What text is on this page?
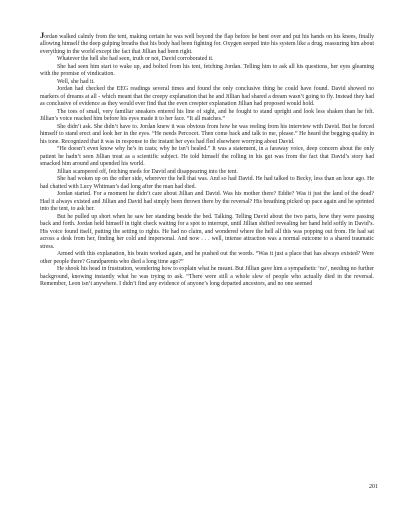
Jordan walked calmly from the tent, making certain he was well beyond the flap before he bent over and put his hands on his knees, finally allowing himself the deep gulping breaths that his body had been fighting for. Oxygen seeped into his system like a drug, reassuring him about everything in the world except the fact that Jillian had been right.

Whatever the hell she had seen, truth or not, David corroborated it.

She had seen him start to wake up, and bolted from his tent, fetching Jordan. Telling him to ask all his questions, her eyes gleaming with the promise of vindication.

Well, she had it.

Jordan had checked the EEG readings several times and found the only conclusive thing he could have found. David showed no markers of dreams at all - which meant that the creepy explanation that he and Jillian had shared a dream wasn’t going to fly. Instead they had as conclusive of evidence as they would ever find that the even creepier explanation Jillian had proposed would hold.

The toes of small, very familiar sneakers entered his line of sight, and he fought to stand upright and look less shaken than he felt. Jillian’s voice reached him before his eyes made it to her face. “It all matches.”

She didn’t ask. She didn’t have to. Jordan knew it was obvious from how he was reeling from his interview with David. But he forced himself to stand erect and look her in the eyes. “He needs Percocet. Then come back and talk to me, please.” He heard the begging quality in his tone. Recognized that it was in response to the instant her eyes had fled elsewhere worrying about David.

“He doesn’t even know why he’s in casts; why he isn’t healed.” It was a statement, in a faraway voice, deep concern about the only patient he hadn’t seen Jillian treat as a scientific subject. He told himself the rolling in his gut was from the fact that David’s story had smacked him around and upended his world.

Jillian scampered off, fetching meds for David and disappearing into the tent.

She had woken up on the other side, wherever the hell that was. And so had David. He had talked to Becky, less than an hour ago. He had chatted with Lucy Whitman’s dad long after the man had died.

Jordan started. For a moment he didn’t care about Jillian and David. Was his mother there? Eddie? Was it just the land of the dead? Had it always existed and Jillian and David had simply been thrown there by the reversal? His breathing picked up pace again and he sprinted into the tent, to ask her.

But he pulled up short when he saw her standing beside the bed. Talking. Telling David about the two parts, how they were passing back and forth. Jordan held himself in tight check waiting for a spot to interrupt, until Jillian shifted revealing her hand held softly in David’s. His voice found itself, putting the setting to rights. He had no claim, and wondered where the hell all this was popping out from. He had sat across a desk from her, finding her cold and impersonal. And now . . . well, intense attraction was a normal outcome to a shared traumatic stress.

Armed with this explanation, his brain worked again, and he pushed out the words. “Was it just a place that has always existed? Were other people there? Grandparents who died a long time ago?”

He shook his head in frustration, wondering how to explain what he meant. But Jillian gave him a sympathetic ‘no’, needing no further background, knowing instantly what he was trying to ask. “There were still a whole slew of people who actually died in the reversal. Remember, Leon isn’t anywhere. I didn’t find any evidence of anyone’s long departed ancestors, and no one seemed

201
